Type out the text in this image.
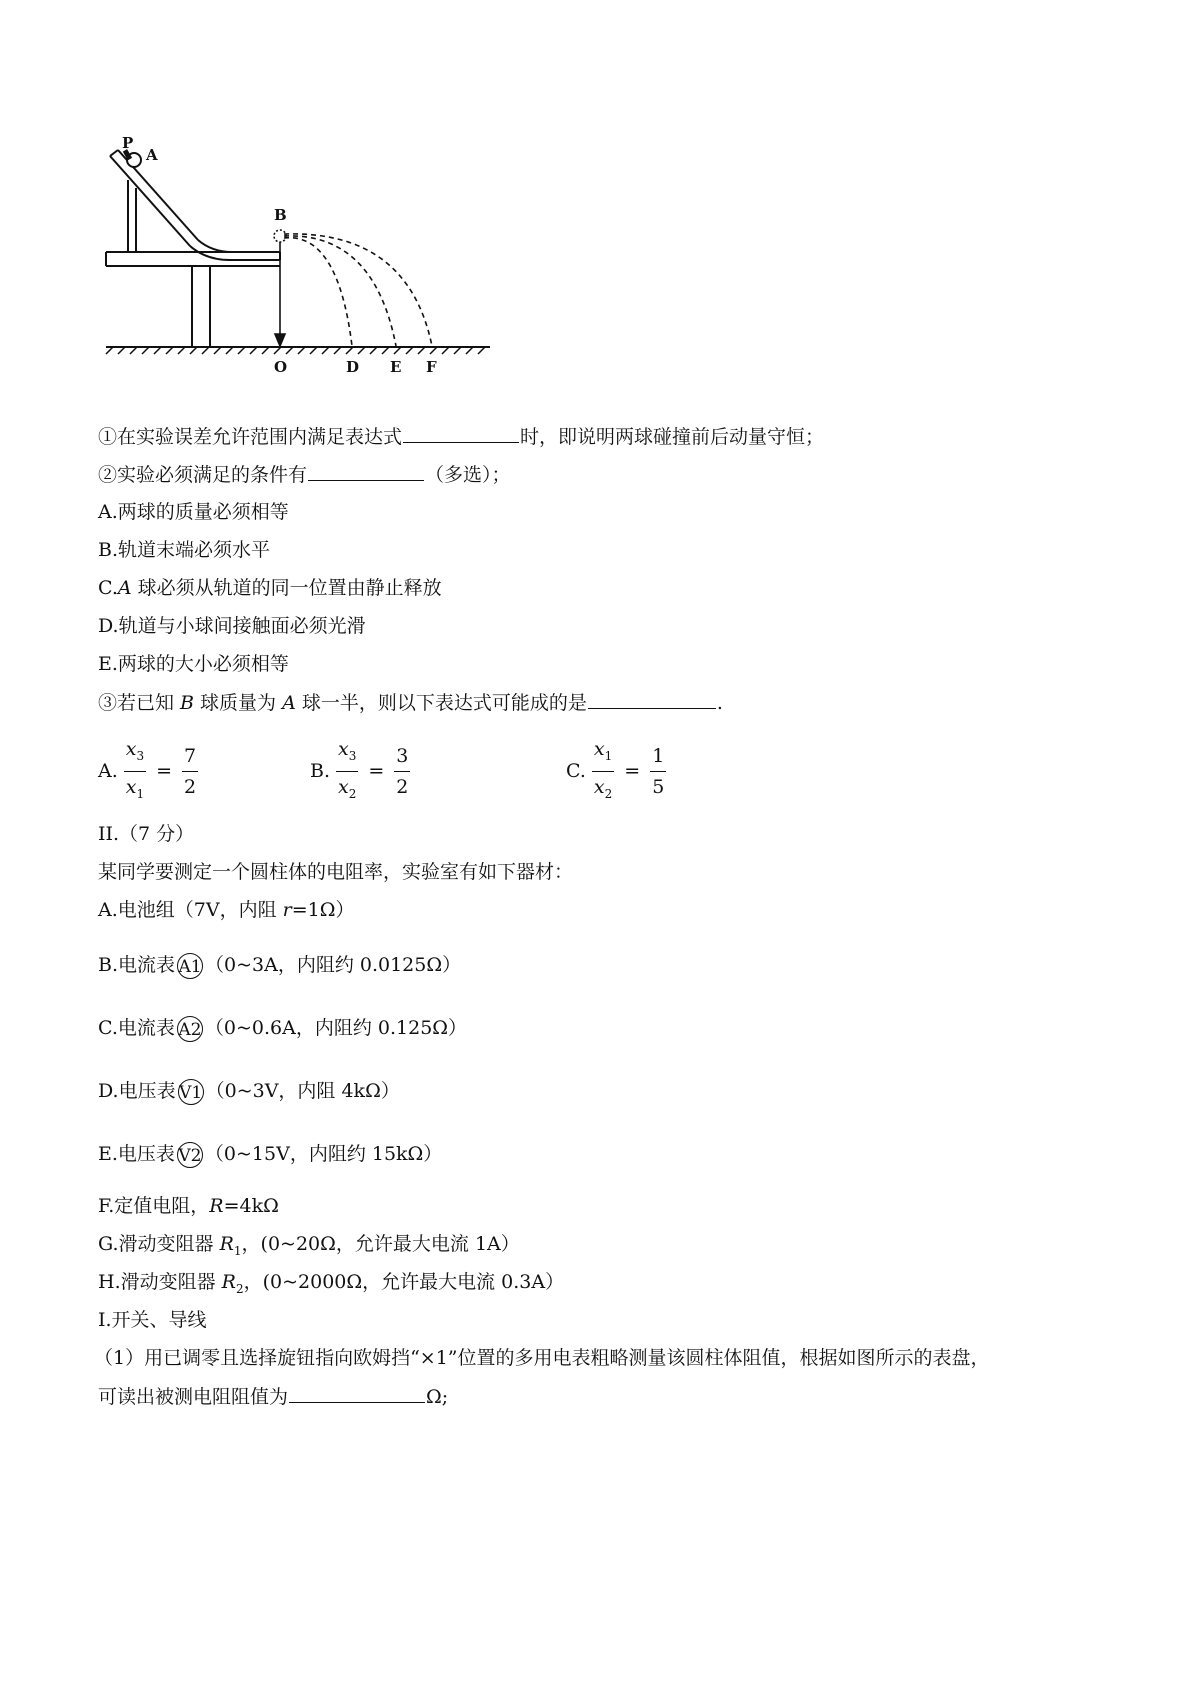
P
A
B
O	D E F
①在实验误差允许范围内满足表达式	时，即说明两球碰撞前后动量守恒；
②实验必须满足的条件有	（多选）；
A.两球的质量必须相等
B.轨道末端必须水平
C.A 球必须从轨道的同一位置由静止释放
D.轨道与小球间接触面必须光滑
E.两球的大小必须相等
③若已知 B 球质量为 A 球一半，则以下表达式可能成的是	.
A. $\frac{x_3}{x_1} = \frac{7}{2}$	B. $\frac{x_3}{x_2} = \frac{3}{2}$	C. $\frac{x_1}{x_2} = \frac{1}{5}$
II.（7 分）
某同学要测定一个圆柱体的电阻率，实验室有如下器材：
A.电池组（7V，内阻 r=1Ω）
B.电流表 A1 （0~3A，内阻约 0.0125Ω）
C.电流表 A2 （0~0.6A，内阻约 0.125Ω）
D.电压表 V1 （0~3V，内阻 4kΩ）
E.电压表 V2 （0~15V，内阻约 15kΩ）
F.定值电阻，R=4kΩ
G.滑动变阻器 $R_1$，(0~20Ω，允许最大电流 1A）
H.滑动变阻器 $R_2$，(0~2000Ω，允许最大电流 0.3A）
I.开关、导线
（1）用已调零且选择旋钮指向欧姆挡“×1”位置的多用电表粗略测量该圆柱体阻值，根据如图所示的表盘，
可读出被测电阻阻值为	Ω;
